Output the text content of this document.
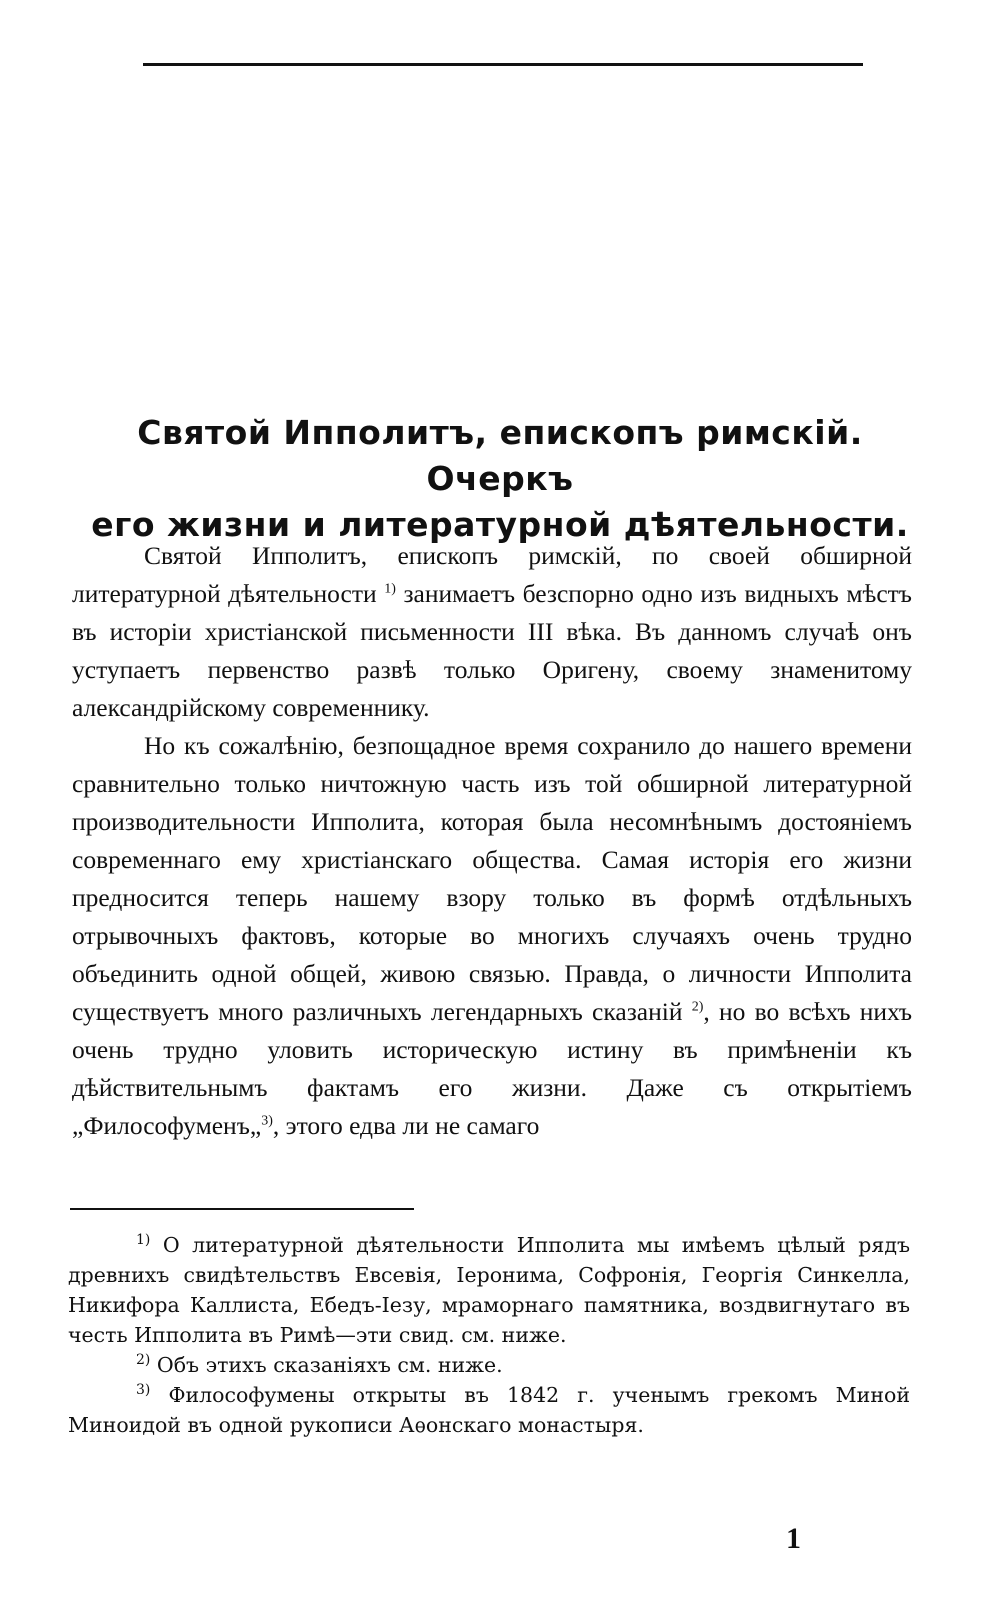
Святой Ипполитъ, епископъ римскій. Очеркъ
его жизни и литературной дѣятельности.

Святой Ипполитъ, епископъ римскій, по своей обширной литературной дѣятельности $^{1)}$ занимаетъ безспорно одно изъ видныхъ мѣстъ въ исторіи христіанской письменности III вѣка. Въ данномъ случаѣ онъ уступаетъ первенство развѣ только Оригену, своему знаменитому александрійскому современнику.

Но къ сожалѣнію, безпощадное время сохранило до нашего времени сравнительно только ничтожную часть изъ той обширной литературной производительности Ипполита, которая была несомнѣнымъ достояніемъ современнаго ему христіанскаго общества. Самая исторія его жизни предносится теперь нашему взору только въ формѣ отдѣльныхъ отрывочныхъ фактовъ, которые во многихъ случаяхъ очень трудно объединить одной общей, живою связью. Правда, о личности Ипполита существуетъ много различныхъ легендарныхъ сказаній $^{2)}$, но во всѣхъ нихъ очень трудно уловить историческую истину въ примѣненіи къ дѣйствительнымъ фактамъ его жизни. Даже съ открытіемъ „Философуменъ„$^{3)}$, этого едва ли не самаго

$^{1)}$ О литературной дѣятельности Ипполита мы имѣемъ цѣлый рядъ древнихъ свидѣтельствъ Евсевія, Іеронима, Софронія, Георгія Синкелла, Никифора Каллиста, Ебедъ-Іезу, мраморнаго памятника, воздвигнутаго въ честь Ипполита въ Римѣ—эти свид. см. ниже.

$^{2)}$ Объ этихъ сказаніяхъ см. ниже.

$^{3)}$ Философумены открыты въ 1842 г. ученымъ грекомъ Миной Миноидой въ одной рукописи Аѳонскаго монастыря.

1
